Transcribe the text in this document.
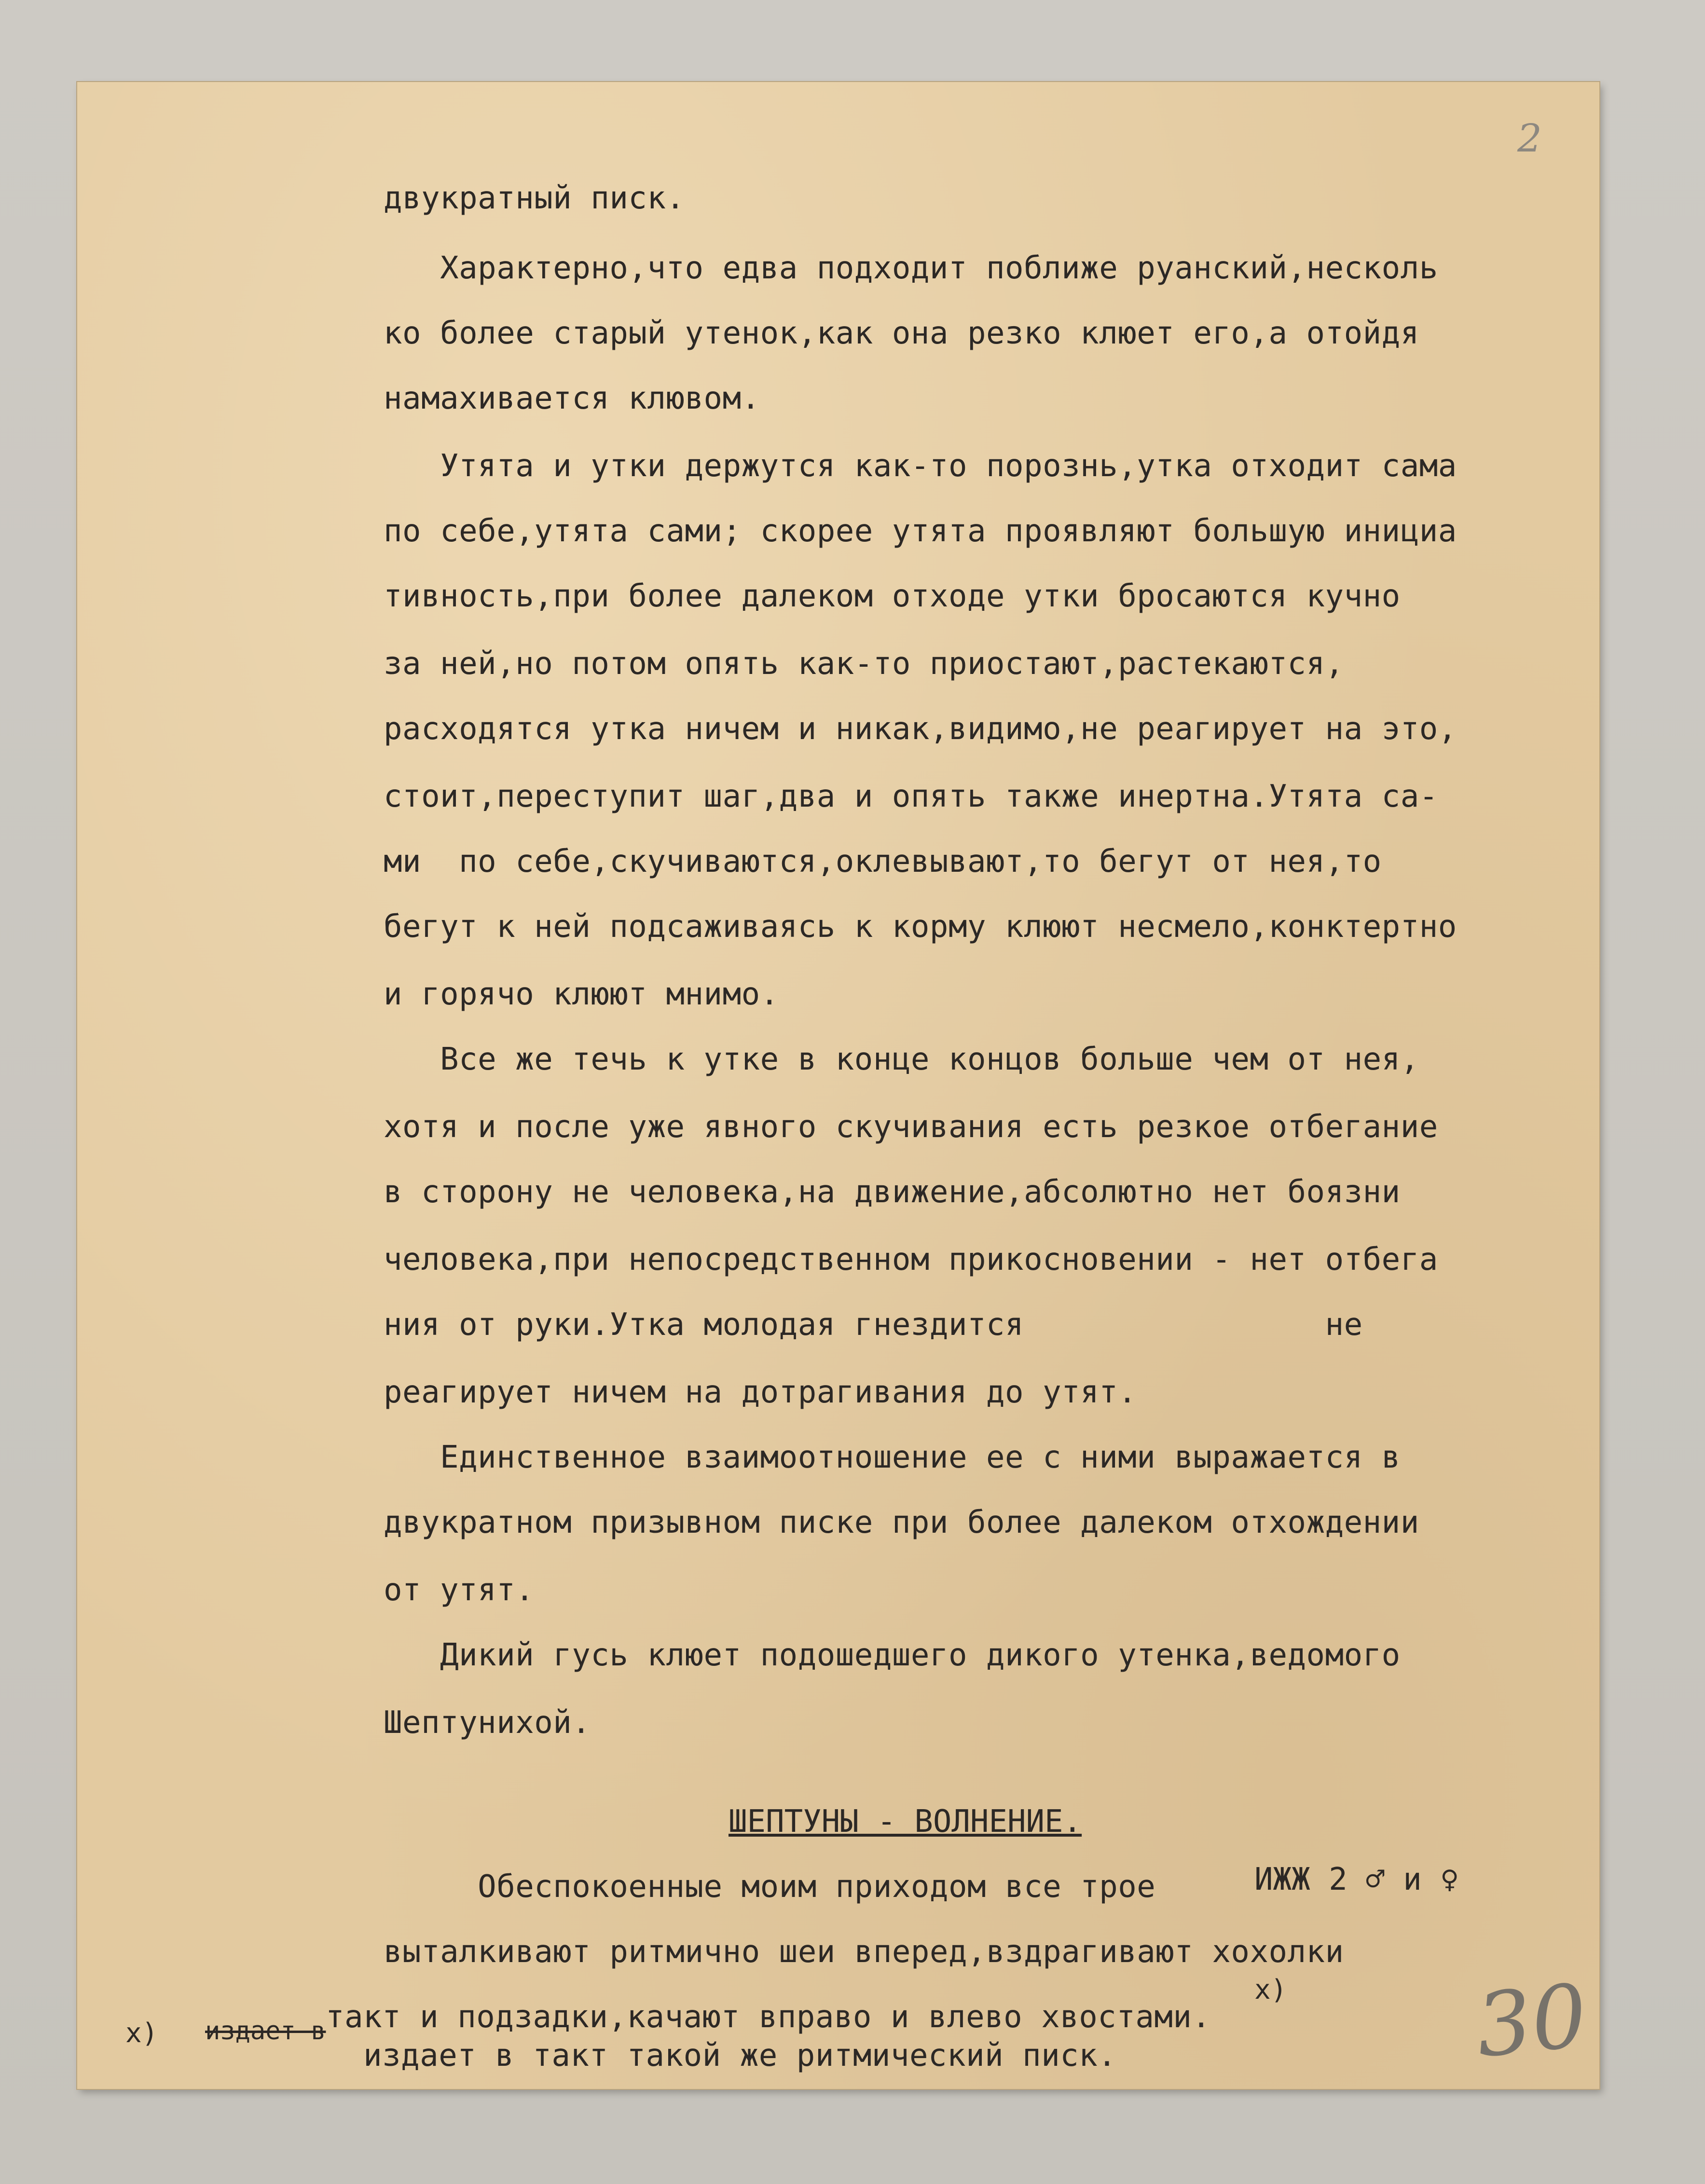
2
двукратный писк.
Характерно,что едва подходит поближе руанский,несколь
ко более старый утенок,как она резко клюет его,а отойдя
намахивается клювом.
Утята и утки держутся как-то порознь,утка отходит сама
по себе,утята сами; скорее утята проявляют большую инициа
тивность,при более далеком отходе утки бросаются кучно
за ней,но потом опять как-то приостают,растекаются,
расходятся утка ничем и никак,видимо,не реагирует на это,
стоит,переступит шаг,два и опять также инертна.Утята са-
ми  по себе,скучиваются,оклевывают,то бегут от нея,то
бегут к ней подсаживаясь к корму клюют несмело,конктертно
и горячо клюют мнимо.
Все же течь к утке в конце концов больше чем от нея,
хотя и после уже явного скучивания есть резкое отбегание
в сторону не человека,на движение,абсолютно нет боязни
человека,при непосредственном прикосновении - нет отбега
ния от руки.Утка молодая гнездится                не
реагирует ничем на дотрагивания до утят.
Единственное взаимоотношение ее с ними выражается в
двукратном призывном писке при более далеком отхождении
от утят.
Дикий гусь клюет подошедшего дикого утенка,ведомого
Шептунихой.
ШЕПТУНЫ - ВОЛНЕНИЕ.
Обеспокоенные моим приходом все трое	ИЖЖ 2 ♂ и ♀
выталкивают ритмично шеи вперед,вздрагивают хохолки
такт и подзадки,качают вправо и влево хвостами.
x)
x) издает в
издает в такт такой же ритмический писк.	30
